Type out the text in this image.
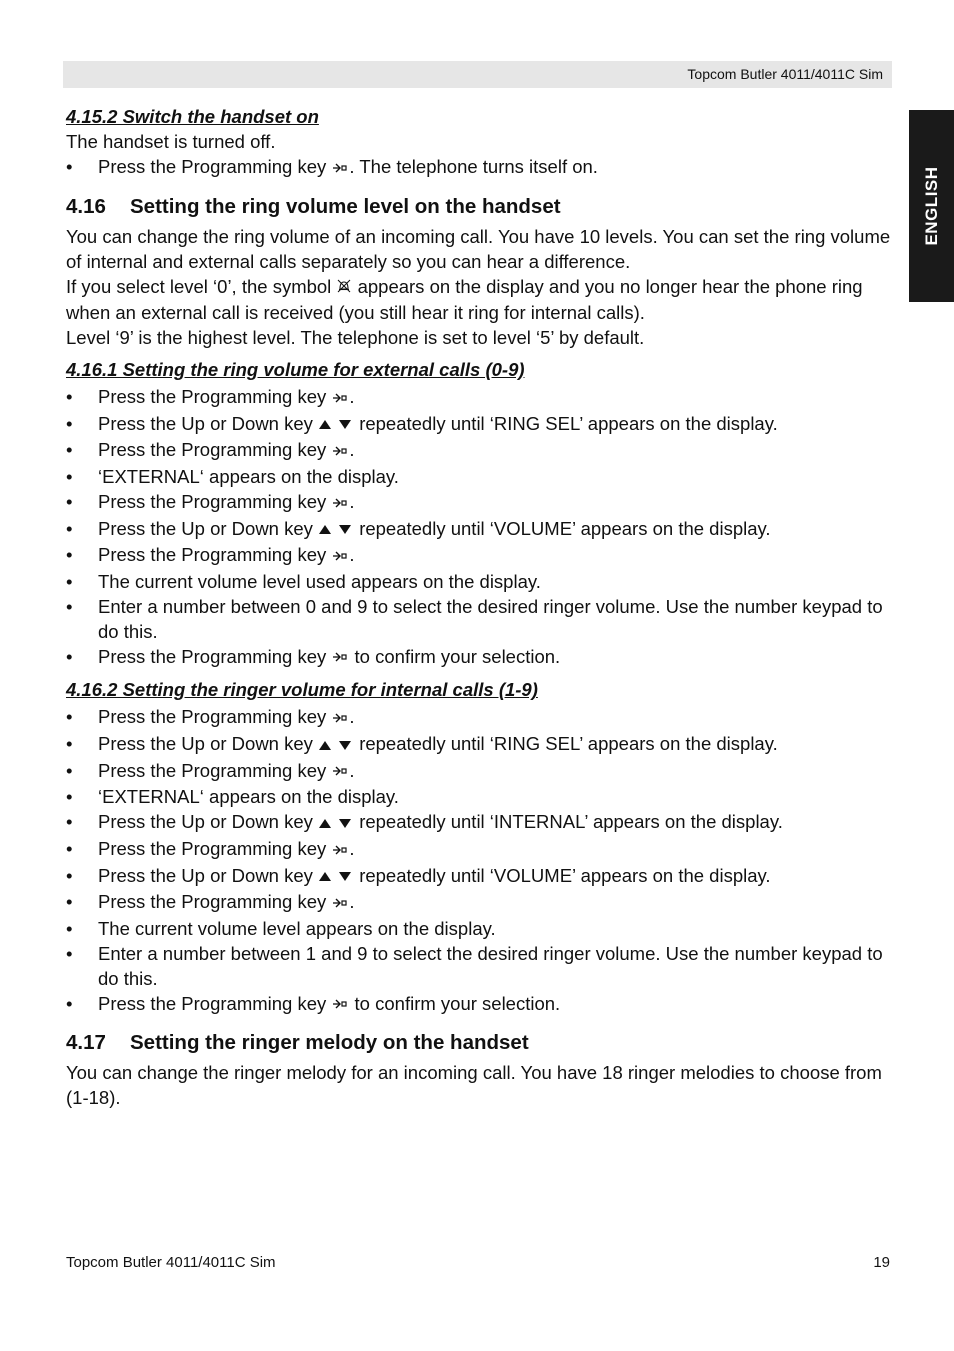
Topcom Butler 4011/4011C Sim
ENGLISH

4.15.2 Switch the handset on

The handset is turned off.

• Press the Programming key . The telephone turns itself on.
4.16 Setting the ring volume level on the handset

You can change the ring volume of an incoming call. You have 10 levels. You can set the ring volume of internal and external calls separately so you can hear a difference.

If you select level ‘0’, the symbol appears on the display and you no longer hear the phone ring when an external call is received (you still hear it ring for internal calls).

Level ‘9’ is the highest level. The telephone is set to level ‘5’ by default.

4.16.1 Setting the ring volume for external calls (0-9)

• Press the Programming key .
• Press the Up or Down key	repeatedly until ‘RING SEL’ appears on the display.
• Press the Programming key .
• ‘EXTERNAL‘ appears on the display.
• Press the Programming key .
• Press the Up or Down key	repeatedly until ‘VOLUME’ appears on the display.
• Press the Programming key .
• The current volume level used appears on the display.
• Enter a number between 0 and 9 to select the desired ringer volume. Use the number keypad to do this.
• Press the Programming key to confirm your selection.

4.16.2 Setting the ringer volume for internal calls (1-9)

• Press the Programming key .
• Press the Up or Down key	repeatedly until ‘RING SEL’ appears on the display.
• Press the Programming key .
• ‘EXTERNAL‘ appears on the display.
• Press the Up or Down key	repeatedly until ‘INTERNAL’ appears on the display.
• Press the Programming key .
• Press the Up or Down key	repeatedly until ‘VOLUME’ appears on the display.
• Press the Programming key .
• The current volume level appears on the display.
• Enter a number between 1 and 9 to select the desired ringer volume. Use the number keypad to do this.
• Press the Programming key to confirm your selection.
4.17 Setting the ringer melody on the handset

You can change the ringer melody for an incoming call. You have 18 ringer melodies to choose from (1-18).

Topcom Butler 4011/4011C Sim	19
